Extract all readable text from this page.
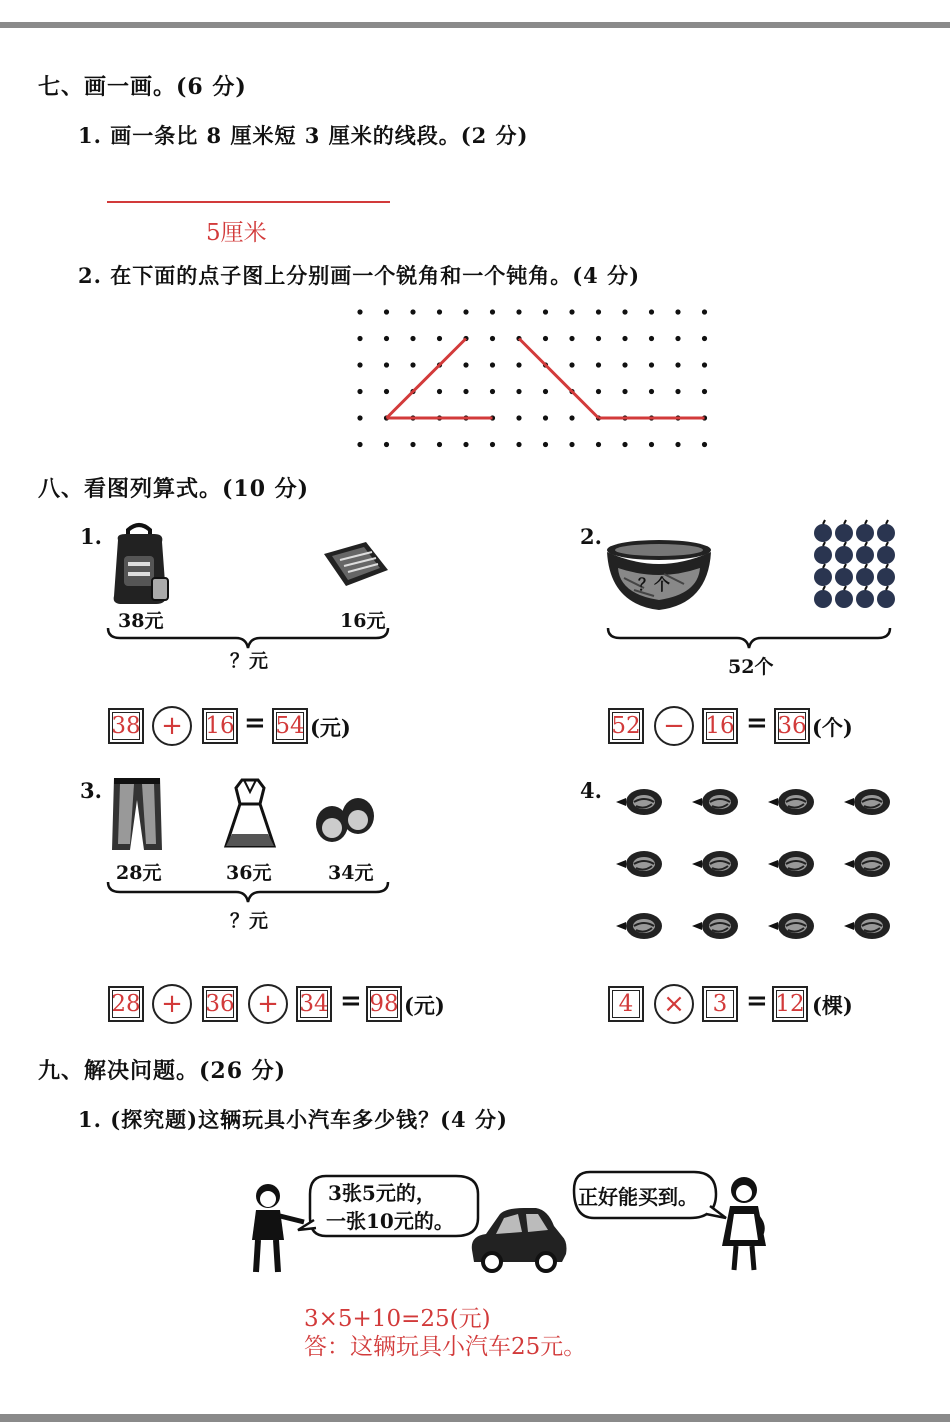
七、画一画。(6 分)
1. 画一条比 8 厘米短 3 厘米的线段。(2 分)
5厘米
2. 在下面的点子图上分别画一个锐角和一个钝角。(4 分)
八、看图列算式。(10 分)
1.
38元	16元
？元
38 + 16 = 54 (元)
2.
？个
52个
52 − 16 = 36 (个)
3.
28元	36元	34元
？元
28 + 36 + 34 = 98 (元)
4.
4	×	3 = 12 (棵)
九、解决问题。(26 分)
1. (探究题)这辆玩具小汽车多少钱？(4 分)
3张5元的，
一张10元的。
正好能买到。
3×5+10=25(元)
答：这辆玩具小汽车25元。
